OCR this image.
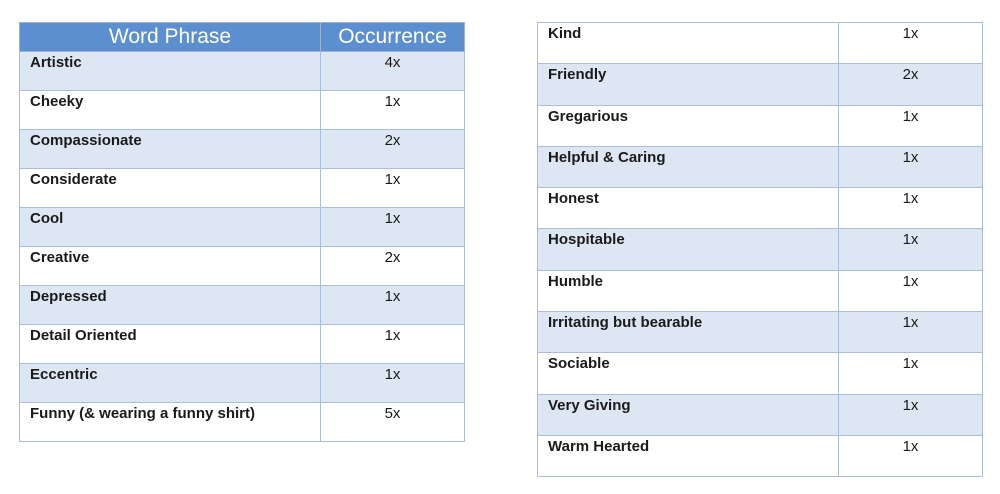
Word Phrase	Occurrence
Artistic	4x
Cheeky	1x
Compassionate	2x
Considerate	1x
Cool	1x
Creative	2x
Depressed	1x
Detail Oriented	1x
Eccentric	1x
Funny (& wearing a funny shirt)	5x
Kind	1x
Friendly	2x
Gregarious	1x
Helpful & Caring	1x
Honest	1x
Hospitable	1x
Humble	1x
Irritating but bearable	1x
Sociable	1x
Very Giving	1x
Warm Hearted	1x
